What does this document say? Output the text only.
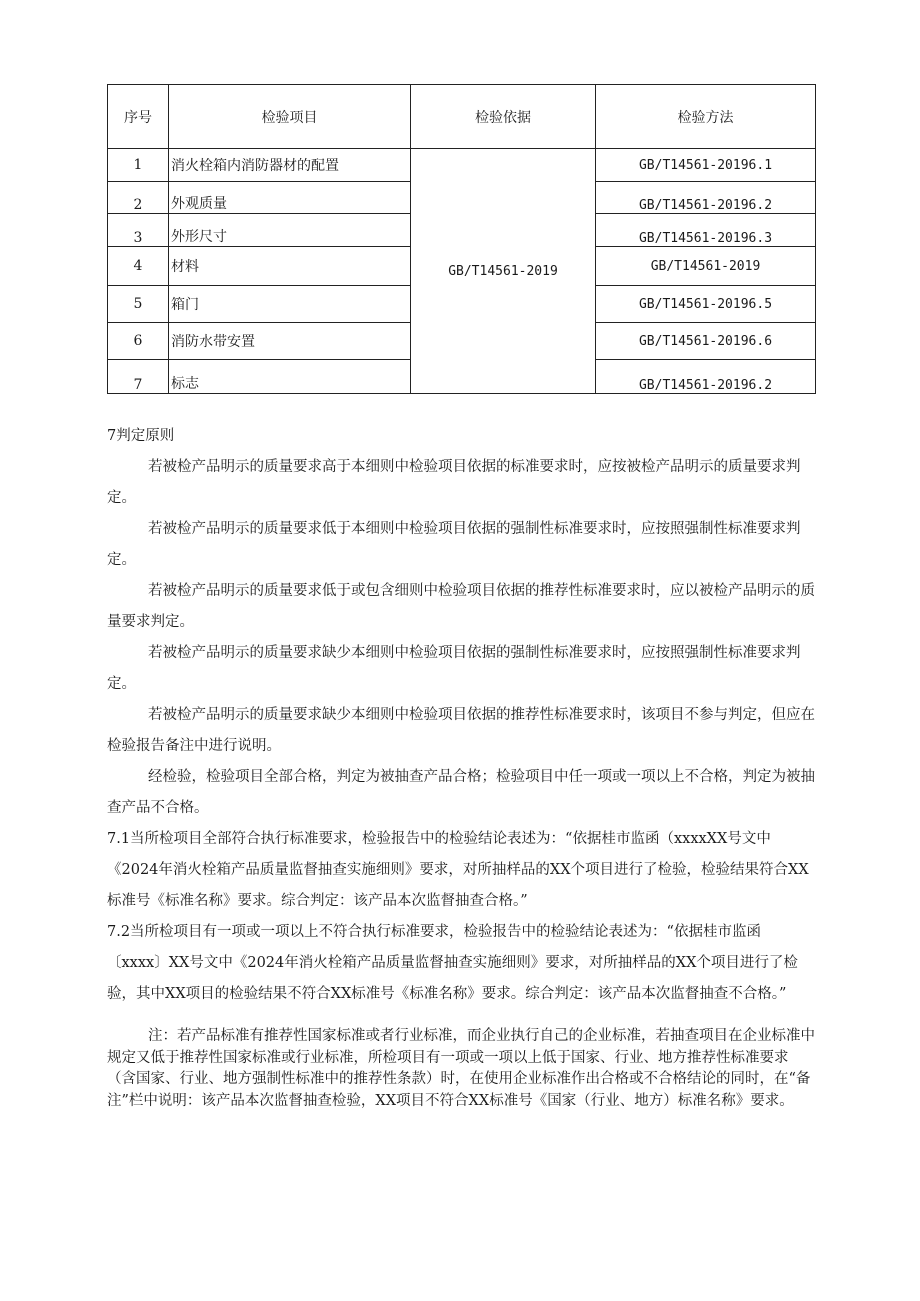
序号	检验项目	检验依据	检验方法
1	消火栓箱内消防器材的配置	GB/T14561-2019	GB/T14561-20196.1
2	外观质量		GB/T14561-20196.2
3	外形尺寸		GB/T14561-20196.3
4	材料		GB/T14561-2019
5	箱门		GB/T14561-20196.5
6	消防水带安置		GB/T14561-20196.6
7	标志		GB/T14561-20196.2
7判定原则

若被检产品明示的质量要求高于本细则中检验项目依据的标准要求时，应按被检产品明示的质量要求判定。

若被检产品明示的质量要求低于本细则中检验项目依据的强制性标准要求时，应按照强制性标准要求判定。

若被检产品明示的质量要求低于或包含细则中检验项目依据的推荐性标准要求时，应以被检产品明示的质量要求判定。

若被检产品明示的质量要求缺少本细则中检验项目依据的强制性标准要求时，应按照强制性标准要求判定。

若被检产品明示的质量要求缺少本细则中检验项目依据的推荐性标准要求时，该项目不参与判定，但应在检验报告备注中进行说明。

经检验，检验项目全部合格，判定为被抽查产品合格；检验项目中任一项或一项以上不合格，判定为被抽查产品不合格。

7.1当所检项目全部符合执行标准要求，检验报告中的检验结论表述为：“依据桂市监函（xxxxXX号文中《2024年消火栓箱产品质量监督抽查实施细则》要求，对所抽样品的XX个项目进行了检验，检验结果符合XX标准号《标准名称》要求。综合判定：该产品本次监督抽查合格。”

7.2当所检项目有一项或一项以上不符合执行标准要求，检验报告中的检验结论表述为：“依据桂市监函〔xxxx〕XX号文中《2024年消火栓箱产品质量监督抽查实施细则》要求，对所抽样品的XX个项目进行了检验，其中XX项目的检验结果不符合XX标准号《标准名称》要求。综合判定：该产品本次监督抽查不合格。”

注：若产品标准有推荐性国家标准或者行业标准，而企业执行自己的企业标准，若抽查项目在企业标准中规定又低于推荐性国家标准或行业标准，所检项目有一项或一项以上低于国家、行业、地方推荐性标准要求（含国家、行业、地方强制性标准中的推荐性条款）时，在使用企业标准作出合格或不合格结论的同时，在“备注”栏中说明：该产品本次监督抽查检验，XX项目不符合XX标准号《国家（行业、地方）标准名称》要求。
